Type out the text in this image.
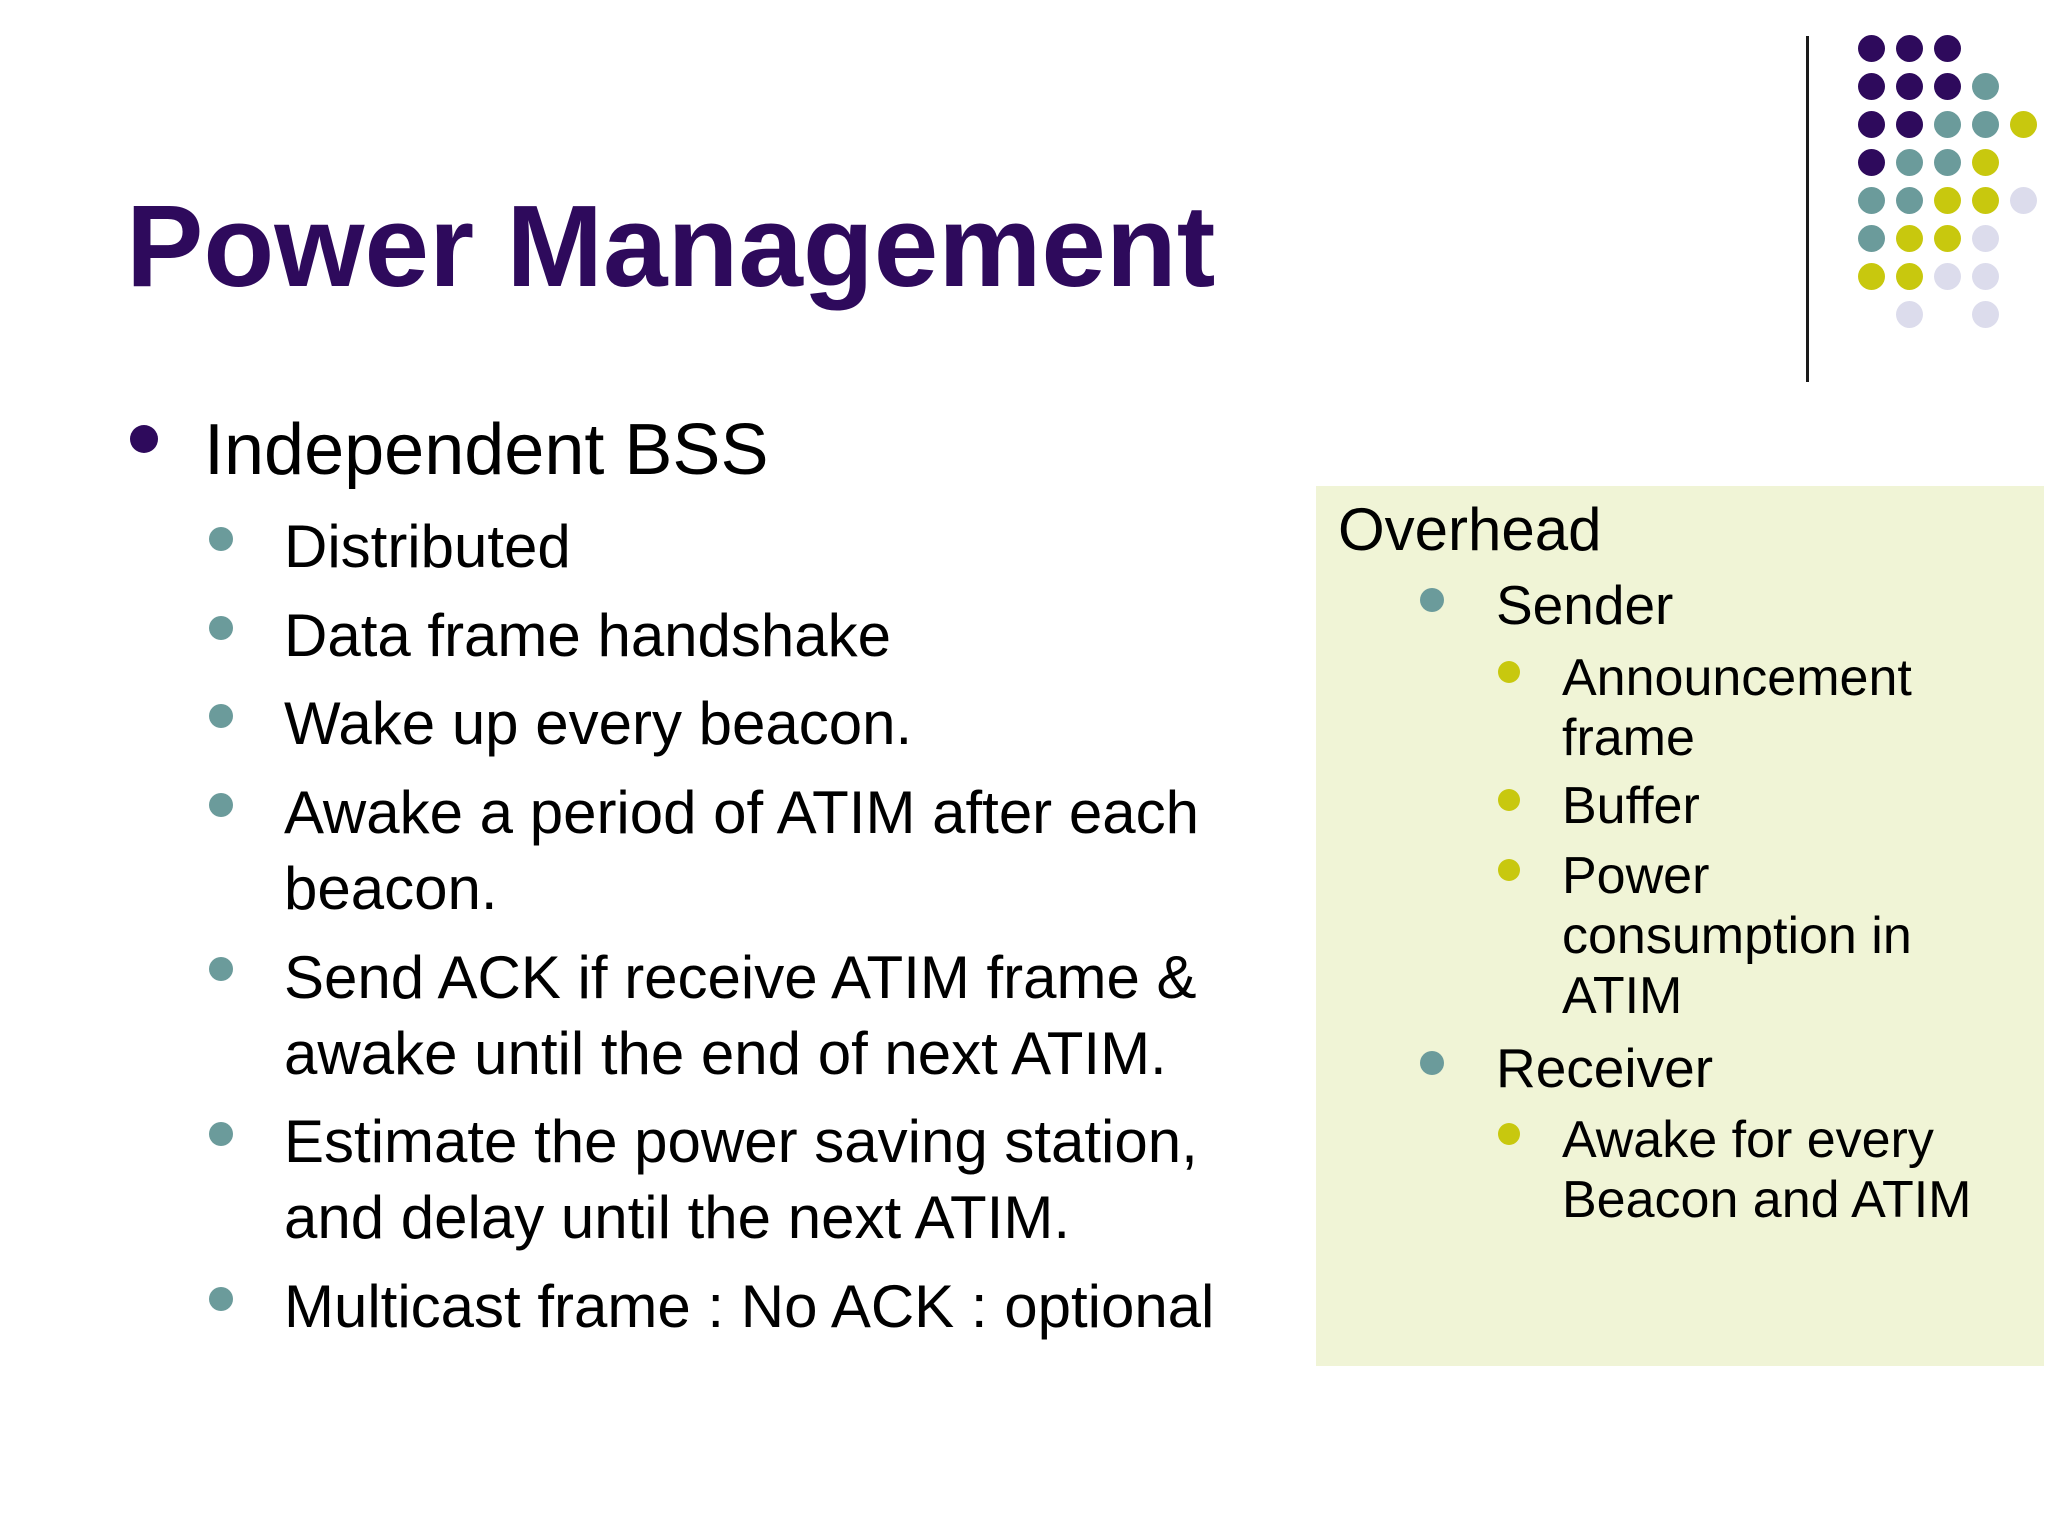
Power Management

Independent BSS

Distributed

Data frame handshake

Wake up every beacon.

Awake a period of ATIM after each
beacon.

Send ACK if receive ATIM frame &
awake until the end of next ATIM.

Estimate the power saving station,
and delay until the next ATIM.

Multicast frame : No ACK : optional

Overhead

Sender

Announcement
frame

Buffer

Power
consumption in
ATIM

Receiver

Awake for every
Beacon and ATIM
